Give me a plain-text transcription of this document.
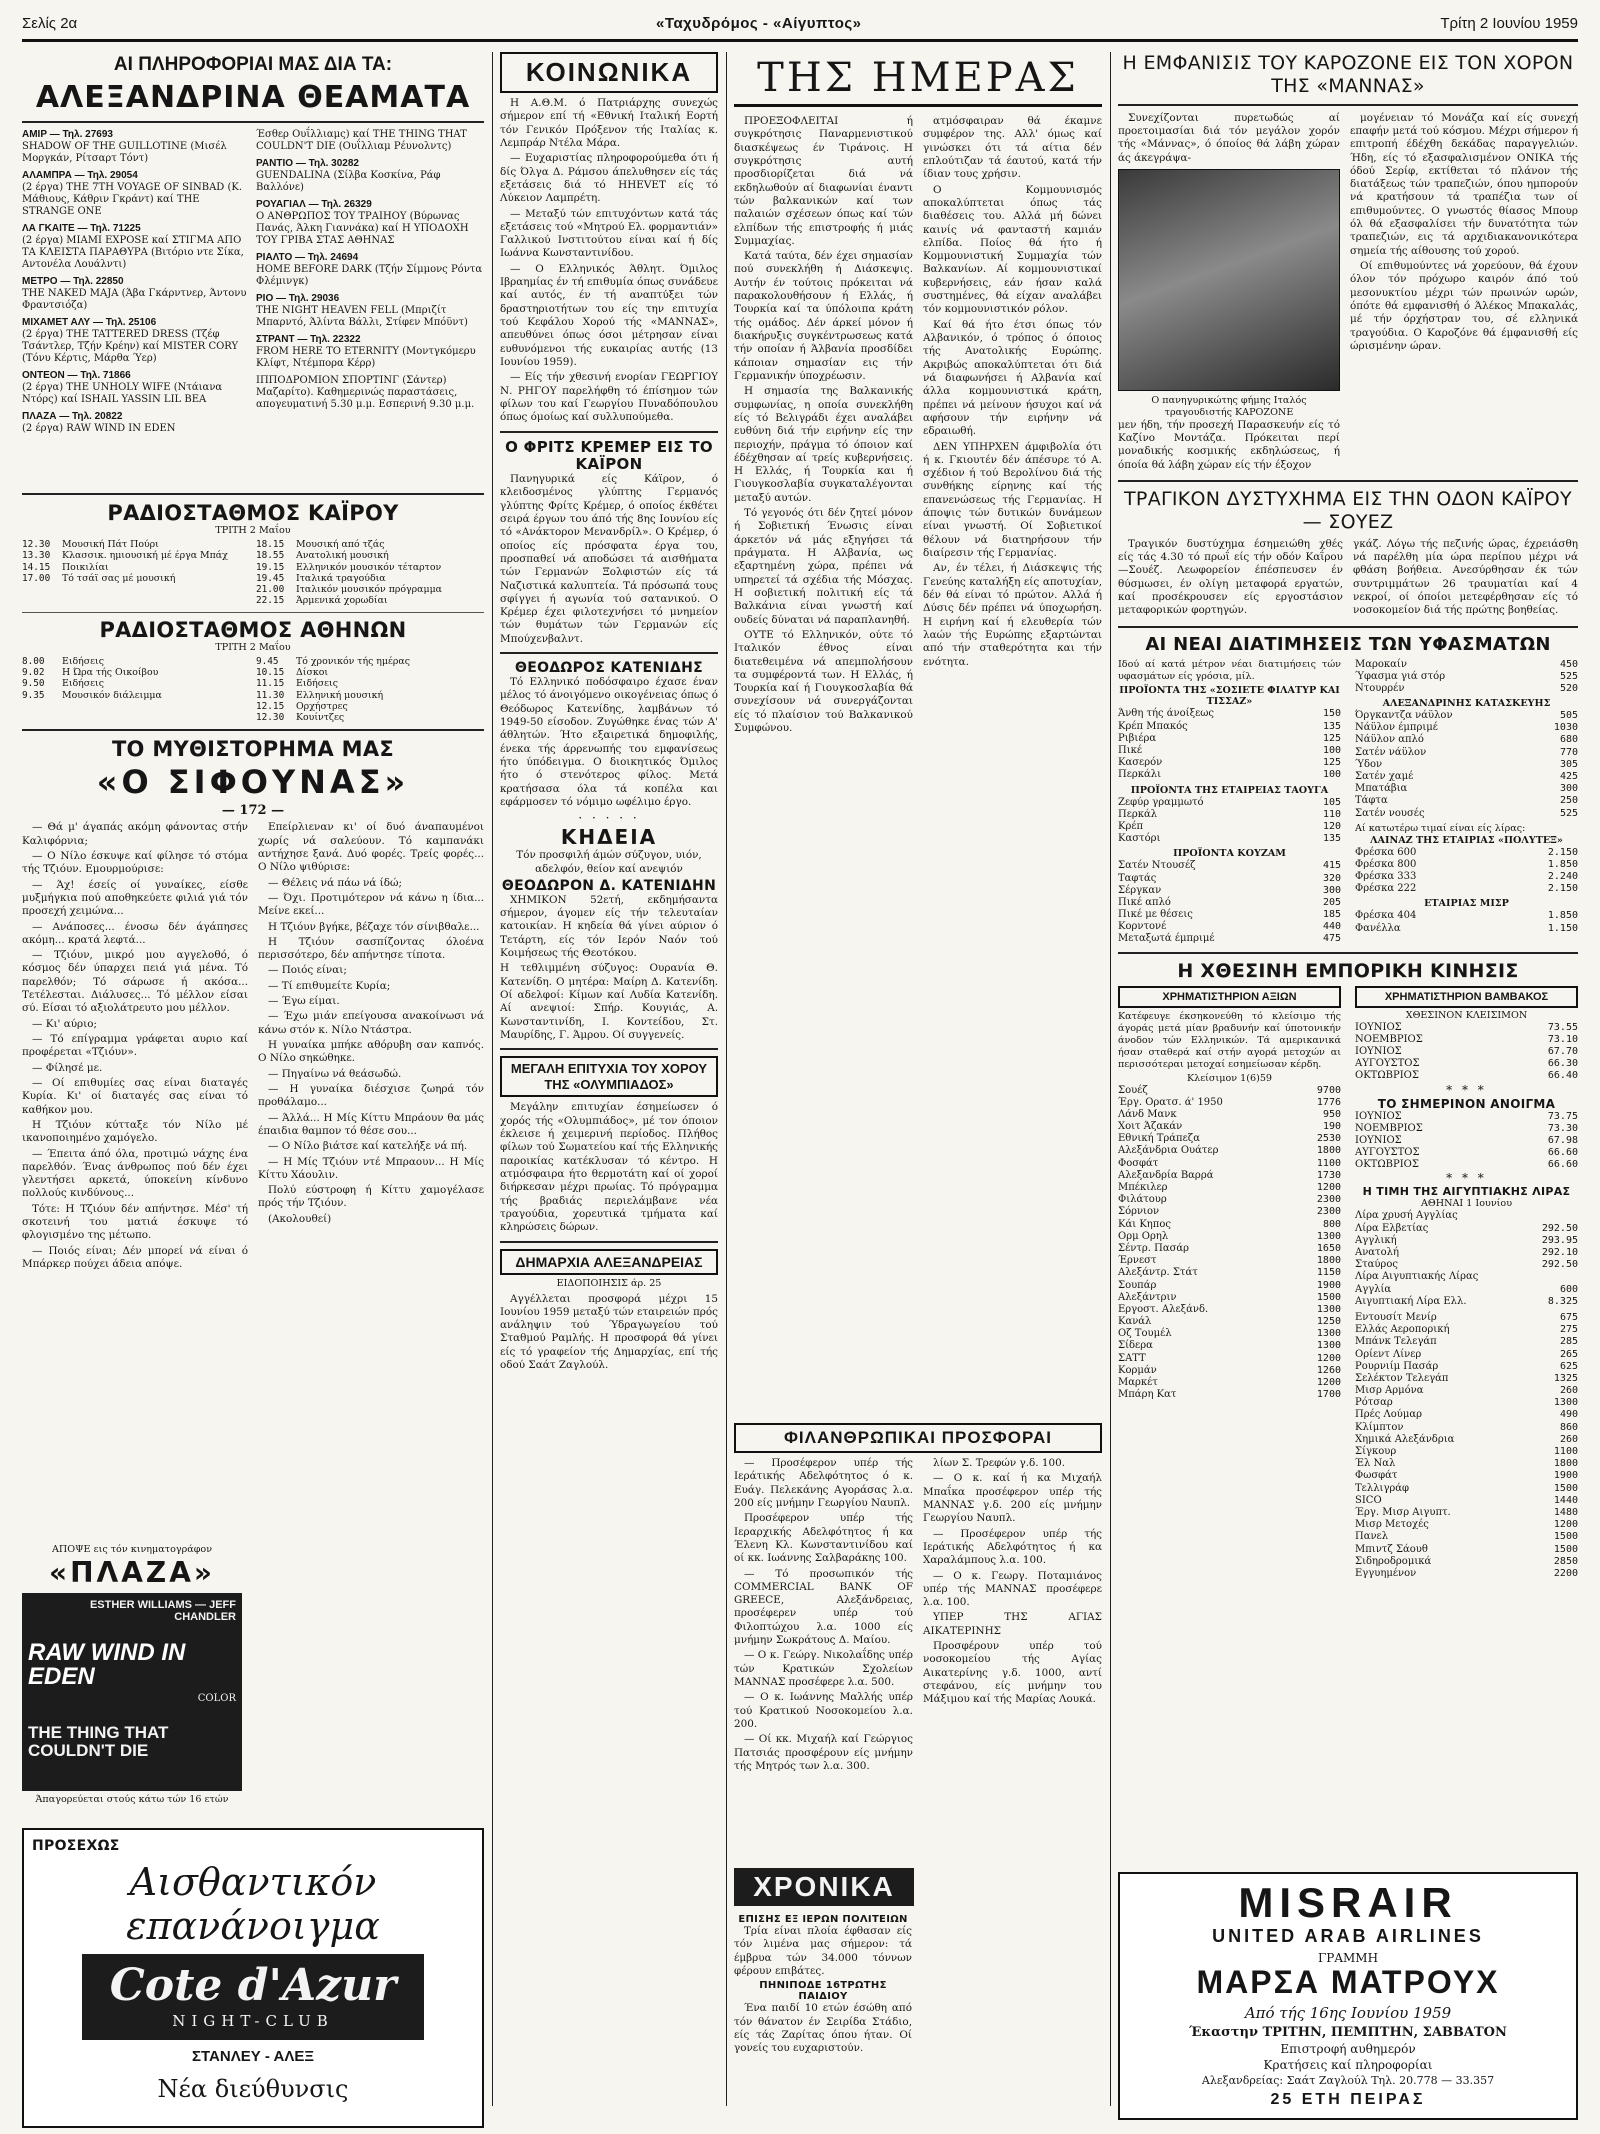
Σελίς 2α	«Ταχυδρόμος - «Αίγυπτος»	Τρίτη 2 Ιουνίου 1959
ΑΙ ΠΛΗΡΟΦΟΡΙΑΙ ΜΑΣ ΔΙΑ ΤΑ:
ΑΛΕΞΑΝΔΡΙΝΑ ΘΕΑΜΑΤΑ

ΑΜΙΡ — Τηλ. 27693
SHADOW OF THE GUILLOTINE (Μισέλ Μοργκάν, Ρίτσαρτ Τόντ)

ΑΛΑΜΠΡΑ — Τηλ. 29054
(2 έργα) THE 7TH VOYAGE OF SINBAD (Κ. Μάθιους, Κάθριν Γκράντ) καί THE STRANGE ONE

ΛΑ ΓΚΑΙΤΕ — Τηλ. 71225
(2 έργα) ΜΙΑΜΙ EXPOSE καί ΣΤΙΓΜΑ ΑΠΟ ΤΑ ΚΛΕΙΣΤΑ ΠΑΡΑΘΥΡΑ (Βιτόριο ντε Σίκα, Αντονέλα Λουάλντι)

ΜΕΤΡΟ — Τηλ. 22850
THE NAKED MAJA (Άβα Γκάρντνερ, Άντονυ Φραντσιόζα)

ΜΙΧΑΜΕΤ ΑΛΥ — Τηλ. 25106
(2 έργα) THE TATTERED DRESS (Τζέφ Τσάντλερ, Τζήν Κρέην) καί MISTER CORY (Τόνυ Κέρτις, Μάρθα Ύερ)

ΟΝΤΕΟΝ — Τηλ. 71866
(2 έργα) THE UNHOLY WIFE (Ντάιανα Ντόρς) καί ISHAIL YASSIN LIL BEA

ΠΛΑΖΑ — Τηλ. 20822
(2 έργα) RAW WIND IN EDEN

Έσθερ Ουΐλλιαμς) καί THE THING THAT COULDN'T DIE (Ουΐλλιαμ Ρέυνολντς)

ΡΑΝΤΙΟ — Τηλ. 30282
GUENDALINA (Σίλβα Κοσκίνα, Ράφ Βαλλόνε)

ΡΟΥΑΓΙΑΛ — Τηλ. 26329
Ο ΑΝΘΡΩΠΟΣ ΤΟΥ ΤΡΑΙΗΟΥ (Βύρωνας Πανάς, Άλκη Γιαννάκα) καί Η ΥΠΟΔΟΧΗ ΤΟΥ ΓΡΙΒΑ ΣΤΑΣ ΑΘΗΝΑΣ

ΡΙΑΛΤΟ — Τηλ. 24694
HOME BEFORE DARK (Τζήν Σίμμονς Ρόντα Φλέμινγκ)

ΡΙΟ — Τηλ. 29036
THE NIGHT HEAVEN FELL (Μπριζίτ Μπαρντό, Άλίντα Βάλλι, Στίφεν Μπόϋντ)

ΣΤΡΑΝΤ — Τηλ. 22322
FROM HERE TO ETERNITY (Μοντγκόμερυ Κλίφτ, Ντέμπορα Κέρρ)

ΙΠΠΟΔΡΟΜΙΟΝ ΣΠΟΡΤΙΝΓ (Σάντερ) Μαζαρίτο). Καθημερινώς παραστάσεις, απογευματινή 5.30 μ.μ. Εσπερινή 9.30 μ.μ.

ΡΑΔΙΟΣΤΑΘΜΟΣ ΚΑΪΡΟΥ
ΤΡΙΤΗ 2 Μαΐου
12.30	Μουσική Πάτ Πούρι
13.30	Κλασσικ. ημιουσική μέ έργα Μπάχ
14.15	Ποικιλίαι
17.00	Τό τσάϊ σας μέ μουσική
18.15	Μουσική από τζάς
18.55	Ανατολική μουσική
19.15	Ελληνικόν μουσικόν τέταρτον
19.45	Ιταλικά τραγούδια
21.00	Ιταλικόν μουσικόν πρόγραμμα
22.15	Άρμενικά χορωδίαι
ΡΑΔΙΟΣΤΑΘΜΟΣ ΑΘΗΝΩΝ
ΤΡΙΤΗ 2 Μαΐου
8.00	Ειδήσεις
9.02	Η Ώρα τής Οικοίβου
9.50	Ειδήσεις
9.35	Μουσικόν διάλειμμα
9.45	Τό χρονικόν τής ημέρας
10.15	Δίσκοι
11.15	Ειδήσεις
11.30	Ελληνική μουσική
12.15	Ορχήστρες
12.30	Κουίντζες
ΤΟ ΜΥΘΙΣΤΟΡΗΜΑ ΜΑΣ
«Ο ΣΙΦΟΥΝΑΣ»
— 172 —

— Θά μ' άγαπάς ακόμη φάνοντας στήν Καλιφόρνια;

— Ο Νίλο έσκυψε καί φίλησε τό στόμα τής Τζιόυν. Εμουρμούρισε:

— Άχ! έσείς οί γυναίκες, είσθε μυξμήγκια πού αποθηκεύετε φιλιά γιά τόν προσεχή χειμώνα...

— Ανάποσες... ένοσω δέν άγάπησες ακόμη... κρατά λεφτά...

— Τζιόυν, μικρό μου αγγελοθό, ό κόσμος δέν ύπαρχει πειά γιά μένα. Τό παρελθόν; Τό σάρωσε ή ακόσα... Τετέλεσται. Διάλυσες... Τό μέλλον είσαι σύ. Είσαι τό αξιολάτρευτο μου μέλλον.

— Κι' αύριο;

— Τό επίγραμμα γράφεται αυριο καί προφέρεται «Τζιόυν».

— Φίλησέ με.

— Οί επιθυμίες σας είναι διαταγές Κυρία. Κι' οί διαταγές σας είναι τό καθήκον μου.

Η Τζιόυν κύτταξε τόν Νίλο μέ ικανοποιημένο χαμόγελο.

— Έπειτα άπό όλα, προτιμώ νάχης ένα παρελθόν. Ένας άνθρωπος πού δέν έχει γλεντήσει αρκετά, ύποκείνη κίνδυνο πολλούς κινδύνους...

Τότε: Η Τζιόυν δέν απήντησε. Μέσ' τή σκοτεινή του ματιά έσκυψε τό φλογισμένο της μέτωπο.

— Ποιός είναι; Δέν μπορεί νά είναι ό Μπάρκερ πούχει άδεια απόψε.

Επείρλιεναν κι' οί δυό άναπαυμένοι χωρίς νά σαλεύουν. Τό καμπανάκι αντήχησε ξανά. Δυό φορές. Τρείς φορές... Ο Νίλο ψιθύρισε:

— Θέλεις νά πάω νά ίδώ;

— Όχι. Προτιμότερον νά κάνω η ίδια... Μείνε εκεί...

Η Τζιόυν βγήκε, βέζαχε τόν σίνιβθαλε...

Η Τζιόυν σασπίζοντας όλοένα περισσότερο, δέν απήντησε τίποτα.

— Ποιός είναι;

— Τί επιθυμείτε Κυρία;

— Έγω είμαι.

— Έχω μιάν επείγουσα ανακοίνωσι νά κάνω στόν κ. Νίλο Ντάστρα.

Η γυναίκα μπήκε αθόρυβη σαν καπνός. Ο Νίλο σηκώθηκε.

— Πηγαίνω νά θεάσωδώ.

— Η γυναίκα διέσχισε ζωηρά τόν προθάλαμο...

— Άλλά... Η Μίς Κίττυ Μπράουν θα μάς έπαιδια θαμπον τό θέσε σου...

— Ο Νίλο βιάτσε καί κατελήξε νά πή.

— Η Μίς Τζιόυν ντέ Μπραουν... Η Μίς Κίττυ Χάουλιν.

Πολύ εύστροφη ή Κίττυ χαμογέλασε πρός τήν Τζιόυν.

(Ακολουθεί)

ΑΠΟΨΕ εις τόν κινηματογράφον
«ΠΛΑΖΑ»
ESTHER WILLIAMS — JEFF CHANDLER
RAW WIND IN EDEN
COLOR
THE THING THAT COULDN'T DIE
Άπαγορεύεται στούς κάτω τών 16 ετών
ΠΡΟΣΕΧΩΣ
Αισθαντικόν επανάνοιγμα
Cote d'Azur
NIGHT-CLUB
ΣΤΑΝΛΕΥ - ΑΛΕΞ
Νέα διεύθυνσις
ΚΟΙΝΩΝΙΚΑ

Η Α.Θ.Μ. ό Πατριάρχης συνεχώς σήμερον επί τή «Εθνική Ιταλική Εορτή τόν Γενικόν Πρόξενον τής Ιταλίας κ. Λεμπράρ Ντέλα Μάρα.

— Ευχαριστίας πληροφορούμεθα ότι ή δίς Όλγα Δ. Ράμσου άπελυθησεν είς τάς εξετάσεις διά τό HHEVET είς τό Λύκειον Λαμπρέτη.

— Μεταξύ τών επιτυχόντων κατά τάς εξετάσεις τού «Μητρού Ελ. φορμαντιάν» Γαλλικού Ινστιτούτου είναι καί ή δίς Ιωάννα Κωνσταντινίδου.

— Ο Ελληνικός Άθλητ. Όμιλος Ιβραημίας έν τή επιθυμία όπως συνάδευε καί αυτός, έν τή αναπτύξει τών δραστηριοτήτων του είς την επιτυχία τού Κεφάλου Χορού τής «ΜΑΝΝΑΣ», απευθύνει όπως όσοι μέτρησαν είναι ευθυνόμενοι τής ευκαιρίας αυτής (13 Ιουνίου 1959).

— Είς τήν χθεσινή ενορίαν ΓΕΩΡΓΙΟΥ Ν. ΡΗΓΟΥ παρελήφθη τό έπίσημον τών φίλων του καί Γεωργίου Πυναδόπουλου όπως όμοίως καί συλλυπούμεθα.

Ο ΦΡΙΤΣ ΚΡΕΜΕΡ ΕΙΣ ΤΟ ΚΑΪΡΟΝ

Πανηγυρικά είς Κάϊρον, ό κλειδοσμένος γλύπτης Γερμανός γλύπτης Φρίτς Κρέμερ, ό οποίος έκθέτει σειρά έργων του άπό τής 8ης Ιουνίου είς τό «Ανάκτορον Μενανδρίλ». Ο Κρέμερ, ό οποίος είς πρόσφατα έργα του, προσπαθεί νά αποδώσει τά αισθήματα τών Γερμανών Ξολφιστών είς τά Ναζιστικά καλυπτεία. Τά πρόσωπά τους σφίγγει ή αγωνία τού σατανικού. Ο Κρέμερ έχει φιλοτεχνήσει τό μνημείον τών θυμάτων τών Γερμανών είς Μπούχενβαλντ.

ΘΕΟΔΩΡΟΣ ΚΑΤΕΝΙΔΗΣ

Τό Ελληνικό ποδόσφαιρο έχασε έναν μέλος τό άνοιγόμενο οικογένειας όπως ό Θεόδωρος Κατενίδης, λαμβάνων τό 1949-50 είσοδον. Ζυγώθηκε ένας τών Α' άθλητών. Ήτο εξαιρετικά δημοφιλής, ένεκα τής άρρενωπής του εμφανίσεως ήτο ύπόδειγμα. Ο διοικητικός Όμιλος ήτο ό στενότερος φίλος. Μετά κρατήσασα όλα τά κοπέλα και εφάρμοσεν τό νόμιμο ωφέλιμο έργο.

· · · · ·
ΚΗΔΕΙΑ

Τόν προσφιλή άμών σύζυγον, υιόν, αδελφόν, θείον καί ανεψιόν

ΘΕΟΔΩΡΟΝ Δ. ΚΑΤΕΝΙΔΗΝ

ΧΗΜΙΚΟΝ 52ετή, εκδημήσαντα σήμερον, άγομεν είς τήν τελευταίαν κατοικίαν. Η κηδεία θά γίνει αύριον ό Τετάρτη, είς τόν Ιερόν Ναόν τού Κοιμήσεως τής Θεοτόκου.

Η τεθλιμμένη σύζυγος: Ουρανία Θ. Κατενίδη. Ο μητέρα: Μαίρη Δ. Κατενίδη. Οί αδελφοί: Κίμων καί Λυδία Κατενίδη. Αί ανεψιοί: Σπήρ. Κουγιάς, Α. Κωνσταντινίδη, Ι. Κοντείδου, Στ. Μαυρίδης, Γ. Άμρου. Οί συγγενείς.

ΜΕΓΑΛΗ ΕΠΙΤΥΧΙΑ ΤΟΥ ΧΟΡΟΥ ΤΗΣ «ΟΛΥΜΠΙΑΔΟΣ»

Μεγάλην επιτυχίαν έσημείωσεν ό χορός τής «Ολυμπιάδος», μέ τον όποιον έκλεισε ή χειμερινή περίοδος. Πλήθος φίλων τού Σωματείου καί τής Ελληνικής παροικίας κατέκλυσαν τό κέντρο. Η ατμόσφαιρα ήτο θερμοτάτη καί οί χοροί διήρκεσαν μέχρι πρωίας. Τό πρόγραμμα τής βραδιάς περιελάμβανε νέα τραγούδια, χορευτικά τμήματα καί κληρώσεις δώρων.

ΔΗΜΑΡΧΙΑ ΑΛΕΞΑΝΔΡΕΙΑΣ
ΕΙΔΟΠΟΙΗΣΙΣ άρ. 25

Αγγέλλεται προσφορά μέχρι 15 Ιουνίου 1959 μεταξύ τών εταιρειών πρός ανάληψιν τού Ύδραγωγείου τού Σταθμού Ραμλής. Η προσφορά θά γίνει είς τό γραφείον τής Δημαρχίας, επί τής οδού Σαάτ Ζαγλούλ.

ΤΗΣ ΗΜΕΡΑΣ

ΠΡΟΕΞΟΦΛΕΙΤΑΙ ή συγκρότησις Παναρμενιστικού διασκέψεως έν Τιράνοις. Η συγκρότησις αυτή προσδιορίζεται διά νά εκδηλωθούν αί διαφωνίαι έναντι τών βαλκανικών καί των παλαιών σχέσεων όπως καί τών ελπίδων τής επιστροφής ή μιάς Συμμαχίας.

Κατά ταύτα, δέν έχει σημασίαν πού συνεκλήθη ή Διάσκεψις. Αυτήν έν τούτοις πρόκειται νά παρακολουθήσουν ή Ελλάς, ή Τουρκία καί τα ύπόλοιπα κράτη τής ομάδος. Δέν άρκεί μόνον ή διακήρυξις συγκέντρωσεως κατά τήν οποίαν ή Άλβανία προσδίδει κάποιαν σημασίαν εις τήν Γερμανικήν ύποχρέωσιν.

Η σημασία της Βαλκανικής συμφωνίας, η οποία συνεκλήθη είς τό Βελιγράδι έχει αναλάβει ευθύνη διά τήν ειρήνην είς την περιοχήν, πράγμα τό όποιον καί έδέχθησαν αί τρείς κυβερνήσεις. Η Ελλάς, ή Τουρκία και ή Γιουγκοσλαβία συγκαταλέγονται μεταξύ αυτών.

Τό γεγονός ότι δέν ζητεί μόνον ή Σοβιετική Ένωσις είναι άρκετόν νά μάς εξηγήσει τά πράγματα. Η Αλβανία, ως εξαρτημένη χώρα, πρέπει νά υπηρετεί τά σχέδια τής Μόσχας. Η σοβιετική πολιτική είς τά Βαλκάνια είναι γνωστή καί ουδείς δύναται νά παραπλανηθή.

ΟΥΤΕ τό Ελληνικόν, ούτε τό Ιταλικόν έθνος είναι διατεθειμένα νά απεμπολήσουν τα συμφέροντά των. Η Ελλάς, ή Τουρκία καί ή Γιουγκοσλαβία θά συνεχίσουν νά συνεργάζονται είς τό πλαίσιον τού Βαλκανικού Συμφώνου.

ατμόσφαιραν θά έκαμνε συμφέρον της. Αλλ' όμως καί γινώσκει ότι τά αίτια δέν επλούτιζαν τά έαυτού, κατά τήν ίδιαν τους χρήσιν.

Ο Κομμουνισμός αποκαλύπτεται όπως τάς διαθέσεις του. Αλλά μή δώνει καινίς νά φανταστή καμιάν ελπίδα. Ποίος θά ήτο ή Κομμουνιστική Συμμαχία τών Βαλκανίων. Αί κομμουνιστικαί κυβερνήσεις, εάν ήσαν καλά συστημένες, θά είχαν αναλάβει τόν κομμουνιστικόν ρόλον.

Καί θά ήτο έτσι όπως τόν Αλβανικόν, ό τρόπος ό όποιος τής Ανατολικής Ευρώπης. Ακριβώς αποκαλύπτεται ότι διά νά διαφωνήσει ή Αλβανία καί άλλα κομμουνιστικά κράτη, πρέπει νά μείνουν ήσυχοι καί νά αφήσουν τήν ειρήνην νά εδραιωθή.

ΔΕΝ ΥΠΗΡΧΕΝ άμφιβολία ότι ή κ. Γκιουτέν δέν άπέσυρε τό Α. σχέδιον ή τού Βερολίνου διά τής συνθήκης είρηνης καί τής επανενώσεως τής Γερμανίας. Η άποψις τών δυτικών δυνάμεων είναι γνωστή. Οί Σοβιετικοί θέλουν νά διατηρήσουν τήν διαίρεσιν τής Γερμανίας.

Αν, έν τέλει, ή Διάσκεψις τής Γενεύης καταλήξη είς αποτυχίαν, δέν θά είναι τό πρώτον. Αλλά ή Δύσις δέν πρέπει νά ύποχωρήση. Η ειρήνη καί ή ελευθερία τών λαών τής Ευρώπης εξαρτώνται από τήν σταθερότητα και τήν ενότητα.

ΦΙΛΑΝΘΡΩΠΙΚΑΙ ΠΡΟΣΦΟΡΑΙ

— Προσέφερον υπέρ τής Ιεράτικής Αδελφότητος ό κ. Ευάγ. Πελεκάνης Αγοράσας λ.α. 200 είς μνήμην Γεωργίου Ναυπλ.

Προσέφερον υπέρ τής Ιεραρχικής Αδελφότητος ή κα Έλενη Κλ. Κωνσταντινίδου καί οί κκ. Ιωάννης Σαλβαράκης 100.

— Τό προσωπικόν τής COMMERCIAL BANK OF GREECE, Αλεξάνδρειας, προσέφερεν υπέρ τού Φιλοπτώχου λ.α. 1000 είς μνήμην Σωκράτους Δ. Μαίου.

— Ο κ. Γεώργ. Νικολαΐδης υπέρ τών Κρατικών Σχολείων ΜΑΝΝΑΣ προσέφερε λ.α. 500.

— Ο κ. Ιωάννης Μαλλής υπέρ τού Κρατικού Νοσοκομείου λ.α. 200.

— Οί κκ. Μιχαήλ καί Γεώργιος Πατσιάς προσφέρουν είς μνήμην τής Μητρός των λ.α. 300.

λίων Σ. Τρεφών γ.δ. 100.

— Ο κ. καί ή κα Μιχαήλ Μπαΐκα προσέφερον υπέρ τής ΜΑΝΝΑΣ γ.δ. 200 είς μνήμην Γεωργίου Ναυπλ.

— Προσέφερον υπέρ τής Ιεράτικής Αδελφότητος ή κα Χαραλάμπους λ.α. 100.

— Ο κ. Γεωργ. Ποταμιάνος υπέρ τής ΜΑΝΝΑΣ προσέφερε λ.α. 100.

ΥΠΕΡ ΤΗΣ ΑΓΙΑΣ ΑΙΚΑΤΕΡΙΝΗΣ

Προσφέρουν υπέρ τού νοσοκομείου τής Αγίας Αικατερίνης γ.δ. 1000, αντί στεφάνου, είς μνήμην του Μάξιμου καί τής Μαρίας Λουκά.

ΧΡΟΝΙΚΑ
ΕΠΙΣΗΣ ΕΞ ΙΕΡΩΝ ΠΟΛΙΤΕΙΩΝ

Τρία είναι πλοία έφθασαν είς τόν λιμένα μας σήμερον: τά έμβρυα τών 34.000 τόννων φέρουν επιβάτες.

ΠΗΝΙΠΟΔΕ 16ΤΡΩΤΗΣ ΠΑΙΔΙΟΥ

Ένα παιδί 10 ετών έσώθη από τόν θάνατον έν Σειρίδα Στάδιο, είς τάς Ζαρίτας όπου ήταν. Οί γονείς του ευχαριστούν.

Η ΕΜΦΑΝΙΣΙΣ ΤΟΥ ΚΑΡΟΖΟΝΕ ΕΙΣ ΤΟΝ ΧΟΡΟΝ ΤΗΣ «ΜΑΝΝΑΣ»

Συνεχίζονται πυρετωδώς αί προετοιμασίαι διά τόν μεγάλον χορόν τής «Μάννας», ό όποίος θά λάβη χώραν άς άκεγράψα-

Ο πανηγυρικώτης φήμης Ιταλός τραγουδιστής ΚΑΡΟΖΟΝΕ

μεν ήδη, τήν προσεχή Παρασκευήν είς τό Καζίνο Μοντάζα. Πρόκειται περί μοναδικής κοσμικής εκδηλώσεως, ή όποία θά λάβη χώραν είς τήν έξοχον

μογένειαν τό Μονάζα καί είς συνεχή επαφήν μετά τού κόσμου. Μέχρι σήμερον ή επιτροπή έδέχθη δεκάδας παραγγελιών. Ήδη, είς τό εξασφαλισμένον ΟΝΙΚΑ τής όδού Σερίφ, εκτίθεται τό πλάνον τής διατάξεως τών τραπεζιών, όπου ημπορούν νά κρατήσουν τά τραπέζια των οί επιθυμούντες. Ο γνωστός θίασος Μπουρ όλ θά εξασφαλίσει τήν δυνατότητα τών τραπεζιών, εις τά αρχιδιακανονικότερα σημεία τής αίθουσης τού χορού.

Οί επιθυμούντες νά χορεύουν, θά έχουν όλον τόν πρόχωρο καιρόν άπό τού μεσονυκτίου μέχρι τών πρωινών ωρών, όπότε θά εμφανισθή ό Άλέκος Μπακαλάς, μέ τήν όρχήστραν του, σέ ελληνικά τραγούδια. Ο Καροζόνε θά έμφανισθή είς ώρισμένην ώραν.

ΤΡΑΓΙΚΟΝ ΔΥΣΤΥΧΗΜΑ ΕΙΣ ΤΗΝ ΟΔΟΝ ΚΑΪΡΟΥ — ΣΟΥΕΖ

Τραγικόν δυστύχημα έσημειώθη χθές είς τάς 4.30 τό πρωΐ είς τήν οδόν Καΐρου—Σουέζ. Λεωφορείον έπέσπευσεν έν θύσμωσει, έν ολίγη μεταφορά εργατών, καί προσέκρουσεν είς εργοστάσιον μεταφορικών φορτηγών.

γκάζ. Λόγω τής πεζινής ώρας, έχρειάσθη νά παρέλθη μία ώρα περίπου μέχρι νά φθάση βοήθεια. Ανεσύρθησαν έκ τών συντριμμάτων 26 τραυματίαι καί 4 νεκροί, οί όποίοι μετεφέρθησαν είς τό νοσοκομείον διά τής πρώτης βοηθείας.

ΑΙ ΝΕΑΙ ΔΙΑΤΙΜΗΣΕΙΣ ΤΩΝ ΥΦΑΣΜΑΤΩΝ

Ιδού αί κατά μέτρον νέαι διατιμήσεις τών υφασμάτων είς γρόσια, μίλ.

ΠΡΟΪΟΝΤΑ ΤΗΣ «ΣΟΣΙΕΤΕ ΦΙΛΑΤΥΡ ΚΑΙ ΤΙΣΣΑΖ»
Άνθη τής άνοίξεως	150
Κρέπ Μπακός	135
Ριβιέρα	125
Πικέ	100
Κασερόν	125
Περκάλι	100
ΠΡΟΪΟΝΤΑ ΤΗΣ ΕΤΑΙΡΕΙΑΣ ΤΑΟΥΓΑ
Ζεφύρ γραμμωτό	105
Περκάλ	110
Κρέπ	120
Καστόρι	135
ΠΡΟΪΟΝΤΑ ΚΟΥΖΑΜ
Σατέν Ντουσέζ	415
Ταφτάς	320
Σέργκαν	300
Πικέ απλό	205
Πικέ με θέσεις	185
Κορντονέ	440
Μεταξωτά έμπριμέ	475
Μαροκαίν	450
Ύφασμα γιά στόρ	525
Ντουρρέν	520
ΑΛΕΞΑΝΔΡΙΝΗΣ ΚΑΤΑΣΚΕΥΗΣ
Όργκαντζα νάϋλον	505
Νάϋλον έμπριμέ	1030
Νάϋλον απλό	680
Σατέν νάϋλον	770
Ύδον	305
Σατέν χαμέ	425
Μπατάβια	300
Τάφτα	250
Σατέν νουσές	525
Αί κατωτέρω τιμαί είναι είς λίρας:
ΛΑΙΝΑΖ ΤΗΣ ΕΤΑΙΡΙΑΣ «ΠΟΛΥΤΕΞ»
Φρέσκα 600	2.150
Φρέσκα 800	1.850
Φρέσκα 333	2.240
Φρέσκα 222	2.150
ΕΤΑΙΡΙΑΣ ΜΙΣΡ
Φρέσκα 404	1.850
Φανέλλα	1.150
Η ΧΘΕΣΙΝΗ ΕΜΠΟΡΙΚΗ ΚΙΝΗΣΙΣ
ΧΡΗΜΑΤΙΣΤΗΡΙΟΝ ΑΞΙΩΝ

Κατέφευγε έκσηκονεύθη τό κλείσιμο τής άγοράς μετά μίαν βραδυνήν καί ύποτονικήν άνοδον τών Ελληνικών. Τά αμερικανικά ήσαν σταθερά καί στήν αγορά μετοχών αι περισσότεραι μετοχαί εσημείωσαν κέρδη.

Κλείσιμον 1(6)59
Σουέζ	9700
Έργ. Ορατσ. ά' 1950	1776
Λάνδ Μανκ	950
Χοιτ Άζακάν	190
Εθνική Τράπεζα	2530
Αλεξάνδρια Ουάτερ	1800
Φοσφάτ	1100
Αλεξανδρία Βαρρά	1730
Μπέκιλερ	1200
Φιλάτουρ	2300
Σόρνιον	2300
Κάι Κηπος	800
Ορμ Ορηλ	1300
Σέντρ. Πασάρ	1650
Έρνεστ	1800
Αλεξάντρ. Στάτ	1150
Σουπάρ	1900
Αλεξάντριν	1500
Εργοστ. Αλεξάνδ.	1300
Κανάλ	1250
Οζ Τουμέλ	1300
Σίδερα	1300
ΣΑΤΤ	1200
Κορμάν	1260
Μαρκέτ	1200
Μπάρη Κατ	1700
ΧΡΗΜΑΤΙΣΤΗΡΙΟΝ ΒΑΜΒΑΚΟΣ
ΧΘΕΣΙΝΟΝ ΚΛΕΙΣΙΜΟΝ
ΙΟΥΝΙΟΣ	73.55
ΝΟΕΜΒΡΙΟΣ	73.10
ΙΟΥΝΙΟΣ	67.70
ΑΥΓΟΥΣΤΟΣ	66.30
ΟΚΤΩΒΡΙΟΣ	66.40
* * *
ΤΟ ΣΗΜΕΡΙΝΟΝ ΑΝΟΙΓΜΑ
ΙΟΥΝΙΟΣ	73.75
ΝΟΕΜΒΡΙΟΣ	73.30
ΙΟΥΝΙΟΣ	67.98
ΑΥΓΟΥΣΤΟΣ	66.60
ΟΚΤΩΒΡΙΟΣ	66.60
* * *
Η ΤΙΜΗ ΤΗΣ ΑΙΓΥΠΤΙΑΚΗΣ ΛΙΡΑΣ
ΑΘΗΝΑΙ 1 Ιουνίου
Λίρα χρυσή Αγγλίας
Λίρα Ελβετίας	292.50
Αγγλική	293.95
Ανατολή	292.10
Σταύρος	292.50
Λίρα Αιγυπτιακής Λίρας
Αγγλία	600
Αιγυπτιακή Λίρα Ελλ.	8.325
Εντουσίτ Μενίρ	675
Ελλάς Αεροπορική	275
Μπάνκ Τελεγάπ	285
Ορίεντ Λίνερ	265
Ρουρνιίμ Πασάρ	625
Σελέκτον Τελεγάπ	1325
Μισρ Αρμόνα	260
Ρότσαρ	1300
Πρές Λούμαρ	490
Κλίμπτον	860
Χημικά Αλεξάνδρια	260
Σίγκουρ	1100
Έλ Ναλ	1800
Φωσφάτ	1900
Τελλιγράφ	1500
SICO	1440
Έργ. Μισρ Αιγυπτ.	1480
Μισρ Μετοχές	1200
Πανελ	1500
Μπιντζ Σάουθ	1500
Σιδηροδρομικά	2850
Εγγυημένον	2200
MISRAIR
UNITED ARAB AIRLINES
ΓΡΑΜΜΗ
ΜΑΡΣΑ ΜΑΤΡΟΥΧ
Από τής 16ης Ιουνίου 1959
Έκαστην ΤΡΙΤΗΝ, ΠΕΜΠΤΗΝ, ΣΑΒΒΑΤΟΝ
Επιστροφή αυθημερόν
Κρατήσεις καί πληροφορίαι
Αλεξανδρείας: Σαάτ Ζαγλούλ Τηλ. 20.778 — 33.357
25 ΕΤΗ ΠΕΙΡΑΣ
